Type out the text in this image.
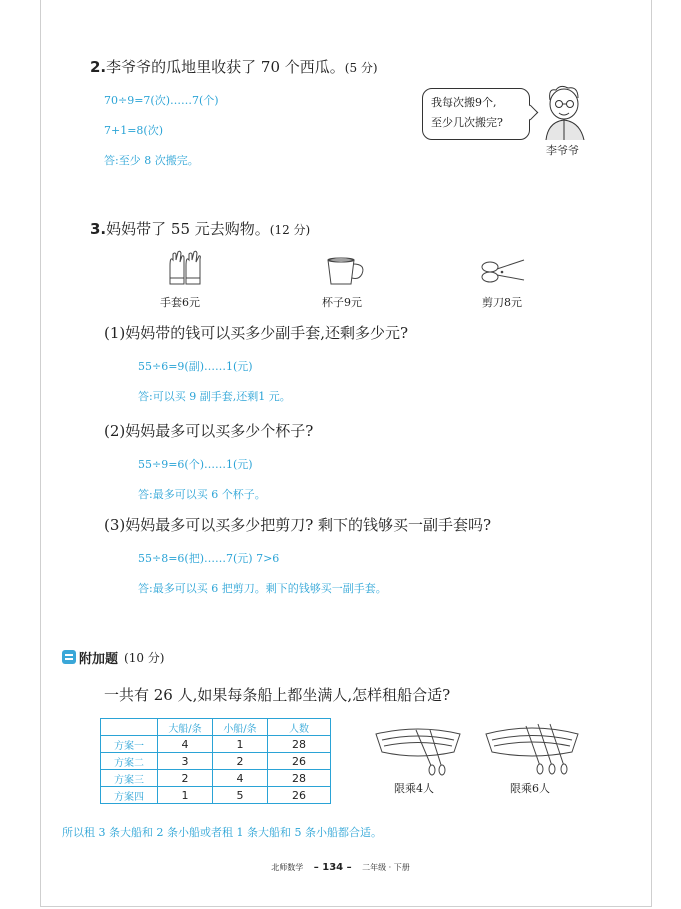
2.李爷爷的瓜地里收获了 70 个西瓜。(5 分)
70÷9=7(次)……7(个)
7+1=8(次)
答:至少 8 次搬完。
我每次搬9个,
至少几次搬完?
李爷爷
3.妈妈带了 55 元去购物。(12 分)
手套6元	杯子9元	剪刀8元
(1)妈妈带的钱可以买多少副手套,还剩多少元?
55÷6=9(副)……1(元)
答:可以买 9 副手套,还剩1 元。
(2)妈妈最多可以买多少个杯子?
55÷9=6(个)……1(元)
答:最多可以买 6 个杯子。
(3)妈妈最多可以买多少把剪刀? 剩下的钱够买一副手套吗?
55÷8=6(把)……7(元) 7>6
答:最多可以买 6 把剪刀。剩下的钱够买一副手套。
附加题 (10 分)
一共有 26 人,如果每条船上都坐满人,怎样租船合适?
	大船/条	小船/条	人数
方案一	4	1	28
方案二	3	2	26
方案三	2	4	28
方案四	1	5	26	限乘4人	限乘6人
所以租 3 条大船和 2 条小船或者租 1 条大船和 5 条小船都合适。
北师数学 – 134 – 二年级 · 下册
